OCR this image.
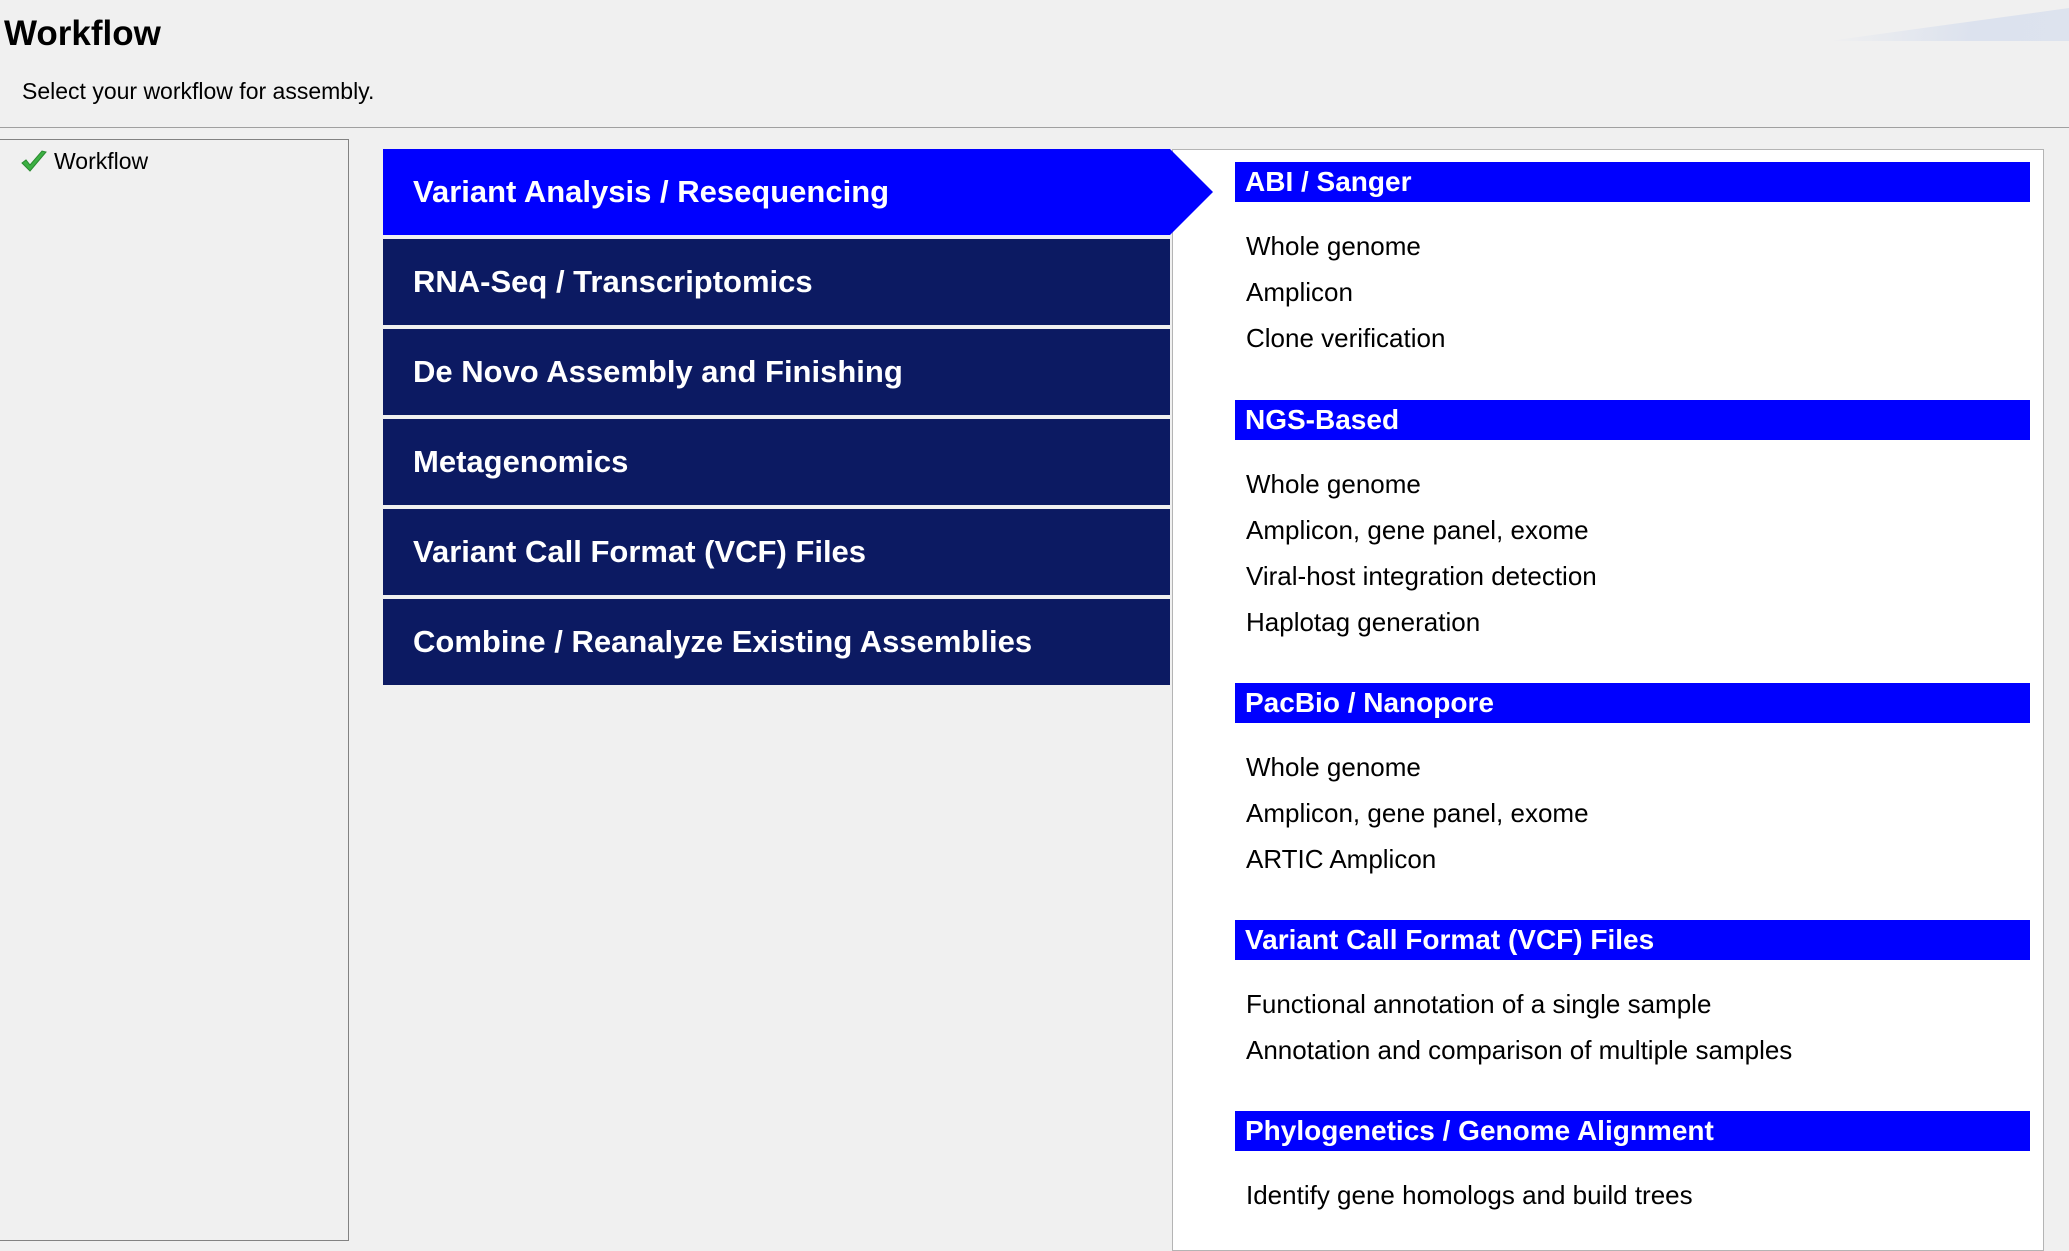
Workflow
Select your workflow for assembly.
Workflow
Variant Analysis / Resequencing
RNA-Seq / Transcriptomics
De Novo Assembly and Finishing
Metagenomics
Variant Call Format (VCF) Files
Combine / Reanalyze Existing Assemblies
ABI / Sanger
Whole genome
Amplicon
Clone verification
NGS-Based
Whole genome
Amplicon, gene panel, exome
Viral-host integration detection
Haplotag generation
PacBio / Nanopore
Whole genome
Amplicon, gene panel, exome
ARTIC Amplicon
Variant Call Format (VCF) Files
Functional annotation of a single sample
Annotation and comparison of multiple samples
Phylogenetics / Genome Alignment
Identify gene homologs and build trees
